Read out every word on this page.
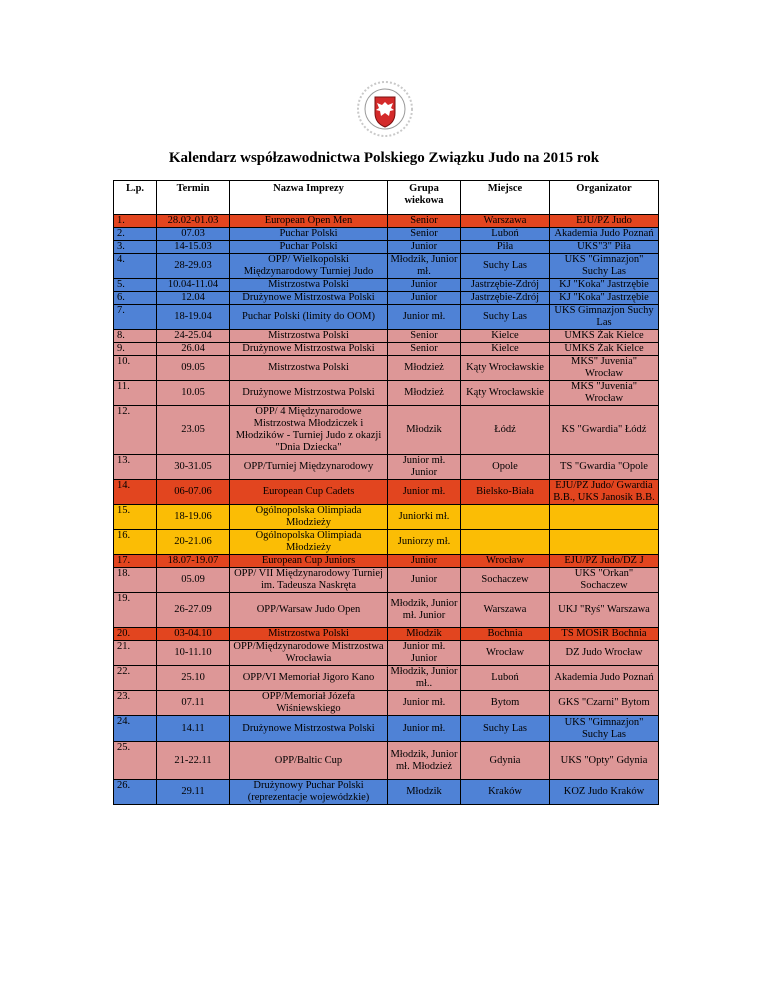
Kalendarz współzawodnictwa Polskiego Związku Judo na 2015 rok
L.p.	Termin	Nazwa Imprezy	Grupa wiekowa	Miejsce	Organizator
1.	28.02-01.03	European Open Men	Senior	Warszawa	EJU/PZ Judo
2.	07.03	Puchar Polski	Senior	Luboń	Akademia Judo Poznań
3.	14-15.03	Puchar Polski	Junior	Piła	UKS"3" Piła
4.	28-29.03	OPP/ Wielkopolski Międzynarodowy Turniej Judo	Młodzik, Junior mł.	Suchy Las	UKS "Gimnazjon" Suchy Las
5.	10.04-11.04	Mistrzostwa Polski	Junior	Jastrzębie-Zdrój	KJ "Koka" Jastrzębie
6.	12.04	Drużynowe Mistrzostwa Polski	Junior	Jastrzębie-Zdrój	KJ "Koka" Jastrzębie
7.	18-19.04	Puchar Polski (limity do OOM)	Junior mł.	Suchy Las	UKS Gimnazjon Suchy Las
8.	24-25.04	Mistrzostwa Polski	Senior	Kielce	UMKS Żak Kielce
9.	26.04	Drużynowe Mistrzostwa Polski	Senior	Kielce	UMKS Żak Kielce
10.	09.05	Mistrzostwa Polski	Młodzież	Kąty Wrocławskie	MKS" Juvenia" Wrocław
11.	10.05	Drużynowe Mistrzostwa Polski	Młodzież	Kąty Wrocławskie	MKS "Juvenia" Wrocław
12.	23.05	OPP/ 4 Międzynarodowe Mistrzostwa Młodziczek i Młodzików - Turniej Judo z okazji "Dnia Dziecka"	Młodzik	Łódź	KS "Gwardia" Łódź
13.	30-31.05	OPP/Turniej Międzynarodowy	Junior mł. Junior	Opole	TS "Gwardia "Opole
14.	06-07.06	European Cup Cadets	Junior mł.	Bielsko-Biała	EJU/PZ Judo/ Gwardia B.B., UKS Janosik B.B.
15.	18-19.06	Ogólnopolska Olimpiada Młodzieży	Juniorki mł.		
16.	20-21.06	Ogólnopolska Olimpiada Młodzieży	Juniorzy mł.		
17.	18.07-19.07	European Cup Juniors	Junior	Wrocław	EJU/PZ Judo/DZ J
18.	05.09	OPP/ VII Międzynarodowy Turniej im. Tadeusza Naskręta	Junior	Sochaczew	UKS "Orkan" Sochaczew
19.	26-27.09	OPP/Warsaw Judo Open	Młodzik, Junior mł. Junior	Warszawa	UKJ "Ryś" Warszawa
20.	03-04.10	Mistrzostwa Polski	Młodzik	Bochnia	TS MOSiR Bochnia
21.	10-11.10	OPP/Międzynarodowe Mistrzostwa Wrocławia	Junior mł. Junior	Wrocław	DZ Judo Wrocław
22.	25.10	OPP/VI Memoriał Jigoro Kano	Młodzik, Junior mł..	Luboń	Akademia Judo Poznań
23.	07.11	OPP/Memoriał Józefa Wiśniewskiego	Junior mł.	Bytom	GKS "Czarni" Bytom
24.	14.11	Drużynowe Mistrzostwa Polski	Junior mł.	Suchy Las	UKS "Gimnazjon" Suchy Las
25.	21-22.11	OPP/Baltic Cup	Młodzik, Junior mł. Młodzież	Gdynia	UKS "Opty" Gdynia
26.	29.11	Drużynowy Puchar Polski (reprezentacje wojewódzkie)	Młodzik	Kraków	KOZ Judo Kraków
